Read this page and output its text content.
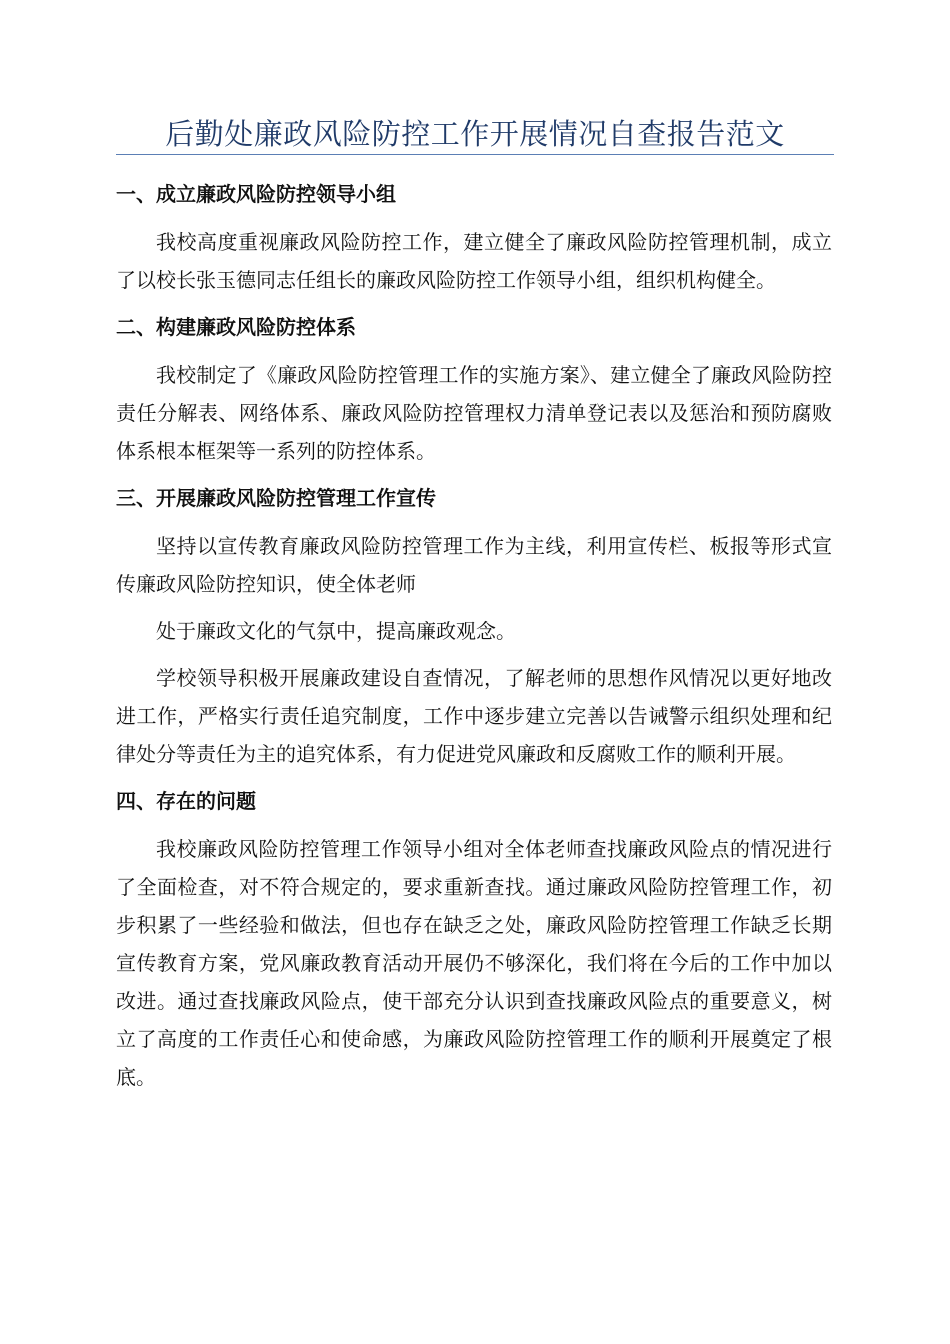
后勤处廉政风险防控工作开展情况自查报告范文
一、成立廉政风险防控领导小组

我校高度重视廉政风险防控工作，建立健全了廉政风险防控管理机制，成立了以校长张玉德同志任组长的廉政风险防控工作领导小组，组织机构健全。

二、构建廉政风险防控体系

我校制定了《廉政风险防控管理工作的实施方案》、建立健全了廉政风险防控责任分解表、网络体系、廉政风险防控管理权力清单登记表以及惩治和预防腐败体系根本框架等一系列的防控体系。

三、开展廉政风险防控管理工作宣传

坚持以宣传教育廉政风险防控管理工作为主线，利用宣传栏、板报等形式宣传廉政风险防控知识，使全体老师

处于廉政文化的气氛中，提高廉政观念。

学校领导积极开展廉政建设自查情况，了解老师的思想作风情况以更好地改进工作，严格实行责任追究制度，工作中逐步建立完善以告诫警示组织处理和纪律处分等责任为主的追究体系，有力促进党风廉政和反腐败工作的顺利开展。

四、存在的问题

我校廉政风险防控管理工作领导小组对全体老师查找廉政风险点的情况进行了全面检查，对不符合规定的，要求重新查找。通过廉政风险防控管理工作，初步积累了一些经验和做法，但也存在缺乏之处，廉政风险防控管理工作缺乏长期宣传教育方案，党风廉政教育活动开展仍不够深化，我们将在今后的工作中加以改进。通过查找廉政风险点，使干部充分认识到查找廉政风险点的重要意义，树立了高度的工作责任心和使命感，为廉政风险防控管理工作的顺利开展奠定了根底。
